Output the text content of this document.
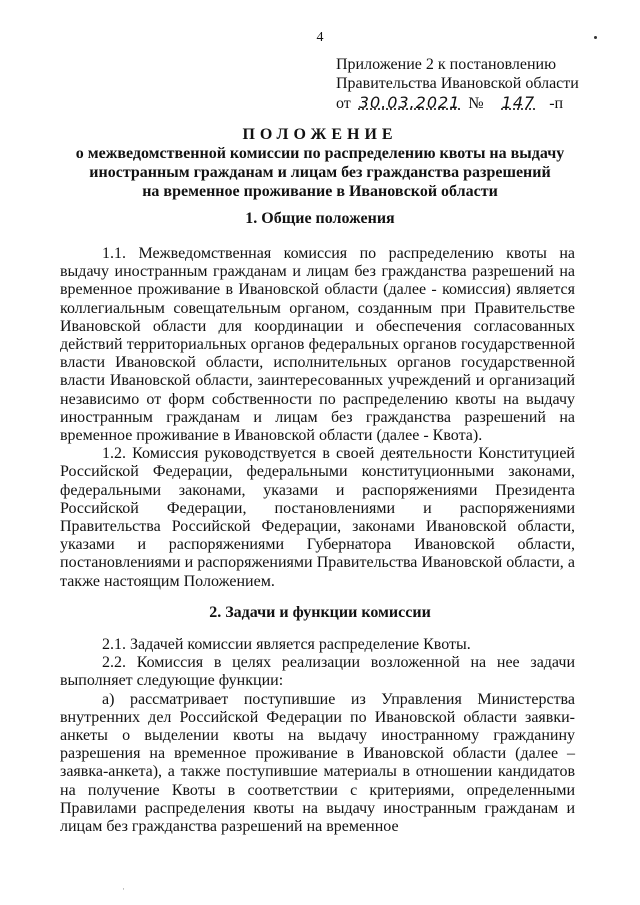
4
Приложение 2 к постановлению
Правительства Ивановской области
от 30.03.2021 № 147 -п
ПОЛОЖЕНИЕ
о межведомственной комиссии по распределению квоты на выдачу
иностранным гражданам и лицам без гражданства разрешений
на временное проживание в Ивановской области
1. Общие положения

1.1. Межведомственная комиссия по распределению квоты на выдачу иностранным гражданам и лицам без гражданства разрешений на временное проживание в Ивановской области (далее - комиссия) является коллегиальным совещательным органом, созданным при Правительстве Ивановской области для координации и обеспечения согласованных действий территориальных органов федеральных органов государственной власти Ивановской области, исполнительных органов государственной власти Ивановской области, заинтересованных учреждений и организаций независимо от форм собственности по распределению квоты на выдачу иностранным гражданам и лицам без гражданства разрешений на временное проживание в Ивановской области (далее - Квота).

1.2. Комиссия руководствуется в своей деятельности Конституцией Российской Федерации, федеральными конституционными законами, федеральными законами, указами и распоряжениями Президента Российской Федерации, постановлениями и распоряжениями Правительства Российской Федерации, законами Ивановской области, указами и распоряжениями Губернатора Ивановской области, постановлениями и распоряжениями Правительства Ивановской области, а также настоящим Положением.

2. Задачи и функции комиссии

2.1. Задачей комиссии является распределение Квоты.

2.2. Комиссия в целях реализации возложенной на нее задачи выполняет следующие функции:

а) рассматривает поступившие из Управления Министерства внутренних дел Российской Федерации по Ивановской области заявки-анкеты о выделении квоты на выдачу иностранному гражданину разрешения на временное проживание в Ивановской области (далее – заявка-анкета), а также поступившие материалы в отношении кандидатов на получение Квоты в соответствии с критериями, определенными Правилами распределения квоты на выдачу иностранным гражданам и лицам без гражданства разрешений на временное

·
